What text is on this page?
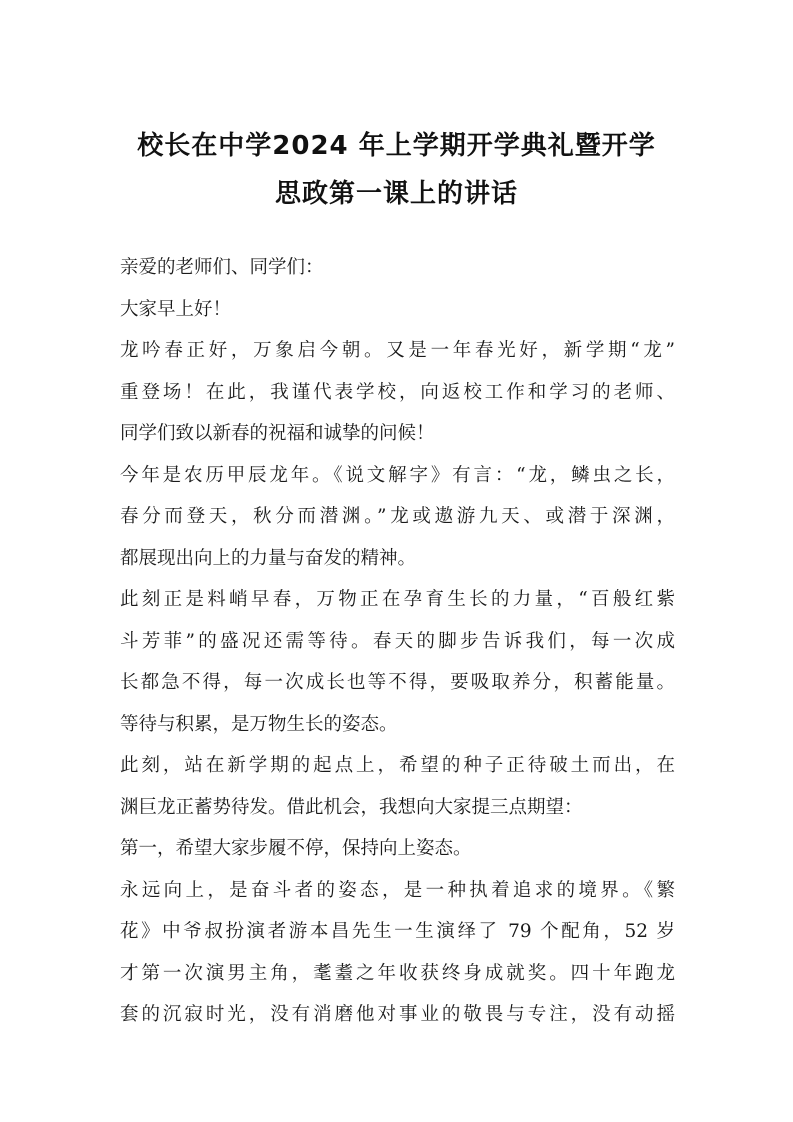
校长在中学2024 年上学期开学典礼暨开学
思政第一课上的讲话
亲爱的老师们、同学们：
大家早上好！
龙吟春正好，万象启今朝。又是一年春光好，新学期“龙”
重登场！在此，我谨代表学校，向返校工作和学习的老师、
同学们致以新春的祝福和诚挚的问候！
今年是农历甲辰龙年。《说文解字》有言：“龙，鳞虫之长，
春分而登天，秋分而潜渊。”龙或遨游九天、或潜于深渊，
都展现出向上的力量与奋发的精神。
此刻正是料峭早春，万物正在孕育生长的力量，“百般红紫
斗芳菲”的盛况还需等待。春天的脚步告诉我们，每一次成
长都急不得，每一次成长也等不得，要吸取养分，积蓄能量。
等待与积累，是万物生长的姿态。
此刻，站在新学期的起点上，希望的种子正待破土而出，在
渊巨龙正蓄势待发。借此机会，我想向大家提三点期望：
第一，希望大家步履不停，保持向上姿态。
永远向上，是奋斗者的姿态，是一种执着追求的境界。《繁
花》中爷叔扮演者游本昌先生一生演绎了 79 个配角，52 岁
才第一次演男主角，耄耋之年收获终身成就奖。四十年跑龙
套的沉寂时光，没有消磨他对事业的敬畏与专注，没有动摇
